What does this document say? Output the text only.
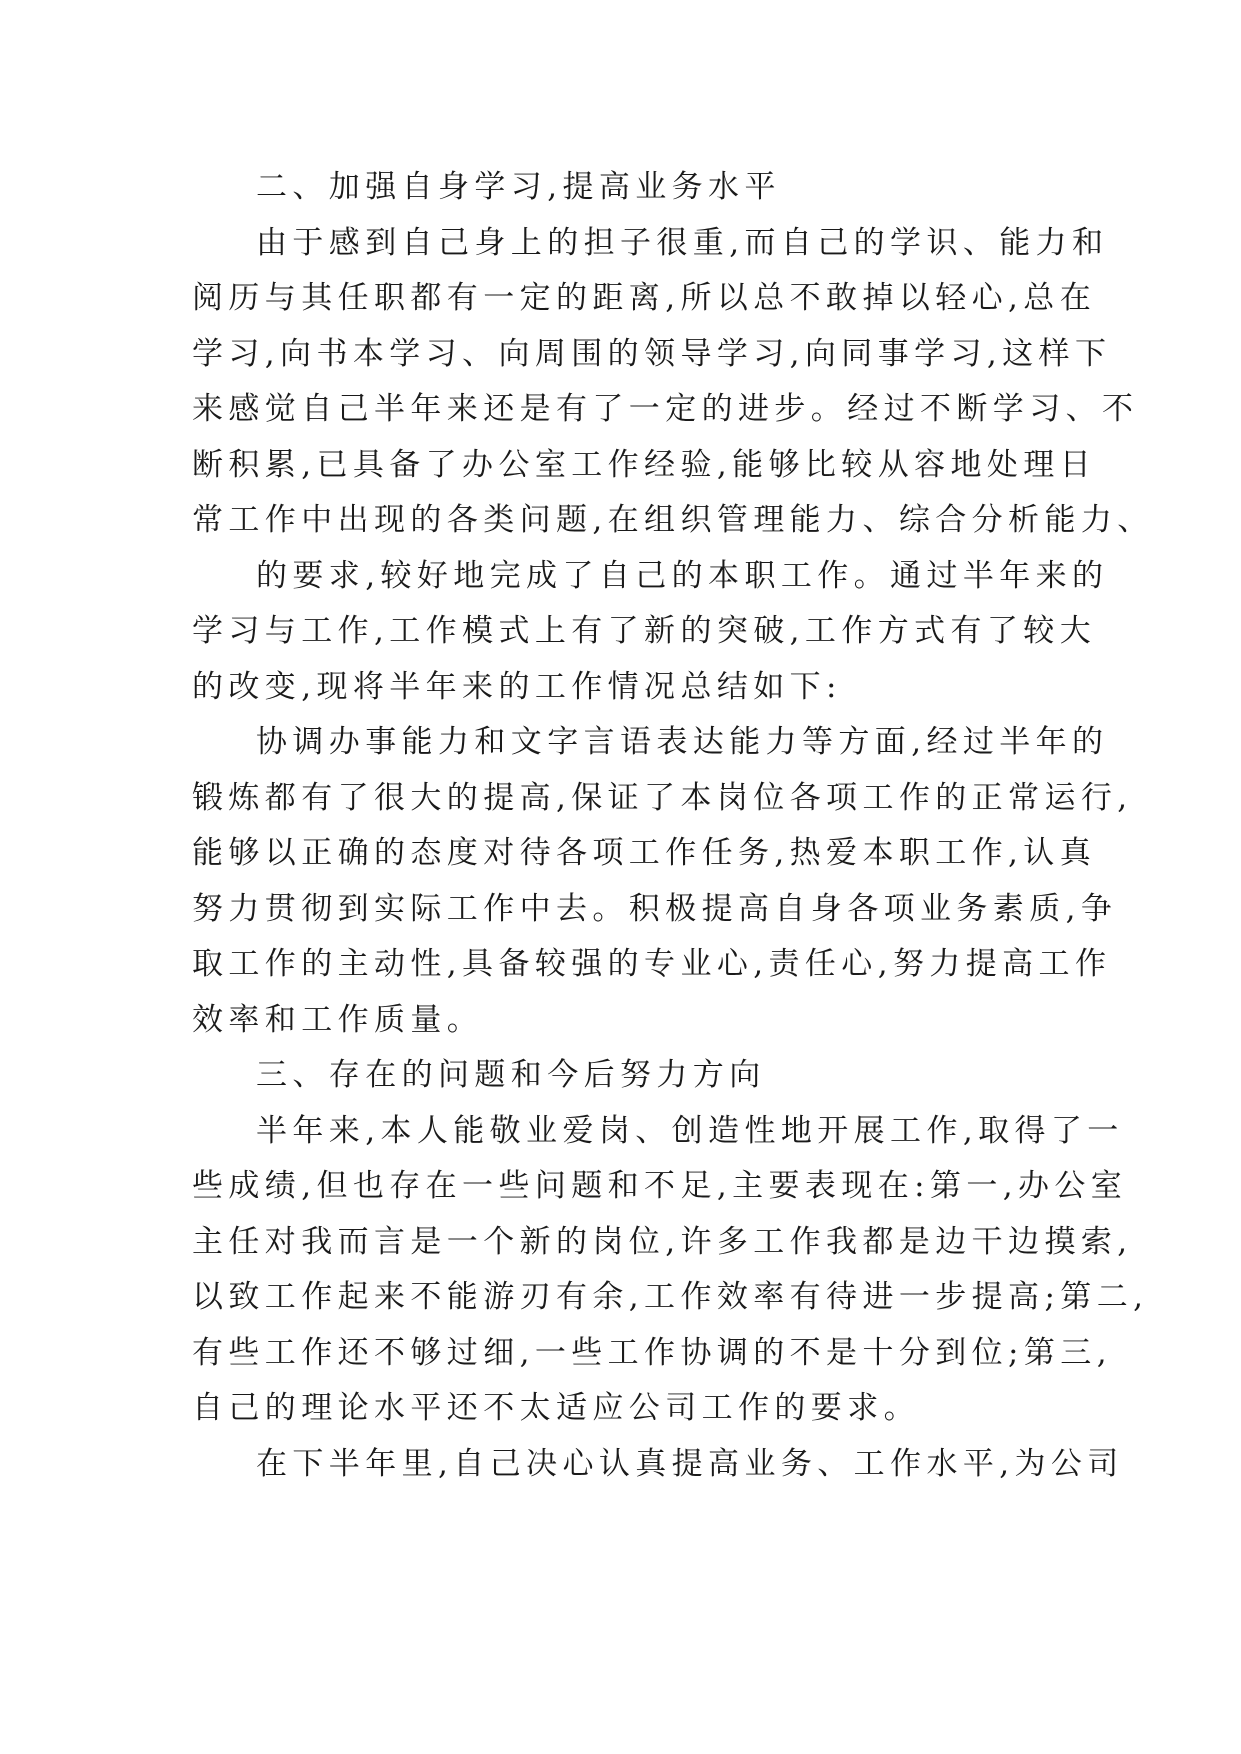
二、加强自身学习,提高业务水平
由于感到自己身上的担子很重,而自己的学识、能力和
阅历与其任职都有一定的距离,所以总不敢掉以轻心,总在
学习,向书本学习、向周围的领导学习,向同事学习,这样下
来感觉自己半年来还是有了一定的进步。经过不断学习、不
断积累,已具备了办公室工作经验,能够比较从容地处理日
常工作中出现的各类问题,在组织管理能力、综合分析能力、
的要求,较好地完成了自己的本职工作。通过半年来的
学习与工作,工作模式上有了新的突破,工作方式有了较大
的改变,现将半年来的工作情况总结如下:
协调办事能力和文字言语表达能力等方面,经过半年的
锻炼都有了很大的提高,保证了本岗位各项工作的正常运行,
能够以正确的态度对待各项工作任务,热爱本职工作,认真
努力贯彻到实际工作中去。积极提高自身各项业务素质,争
取工作的主动性,具备较强的专业心,责任心,努力提高工作
效率和工作质量。
三、存在的问题和今后努力方向
半年来,本人能敬业爱岗、创造性地开展工作,取得了一
些成绩,但也存在一些问题和不足,主要表现在:第一,办公室
主任对我而言是一个新的岗位,许多工作我都是边干边摸索,
以致工作起来不能游刃有余,工作效率有待进一步提高;第二,
有些工作还不够过细,一些工作协调的不是十分到位;第三,
自己的理论水平还不太适应公司工作的要求。
在下半年里,自己决心认真提高业务、工作水平,为公司
